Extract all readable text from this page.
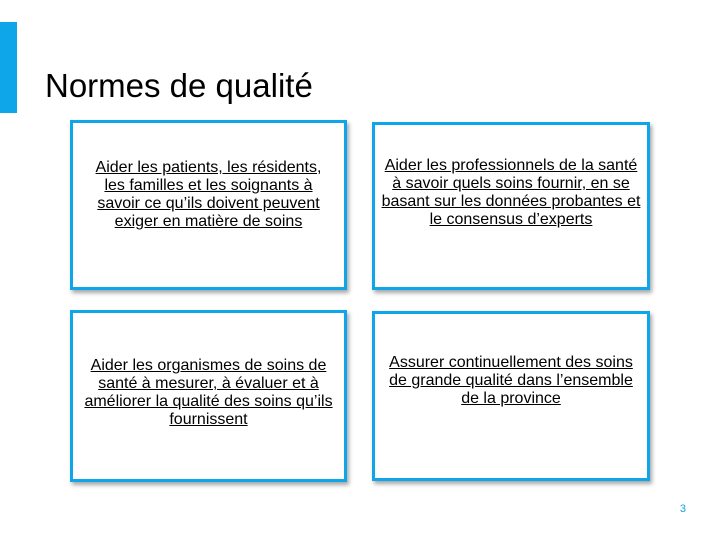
Normes de qualité

Aider les patients, les résidents, les familles et les soignants à savoir ce qu’ils doivent peuvent exiger en matière de soins

Aider les professionnels de la santé à savoir quels soins fournir, en se basant sur les données probantes et le consensus d’experts

Aider les organismes de soins de santé à mesurer, à évaluer et à améliorer la qualité des soins qu’ils fournissent

Assurer continuellement des soins de grande qualité dans l’ensemble de la province

3
